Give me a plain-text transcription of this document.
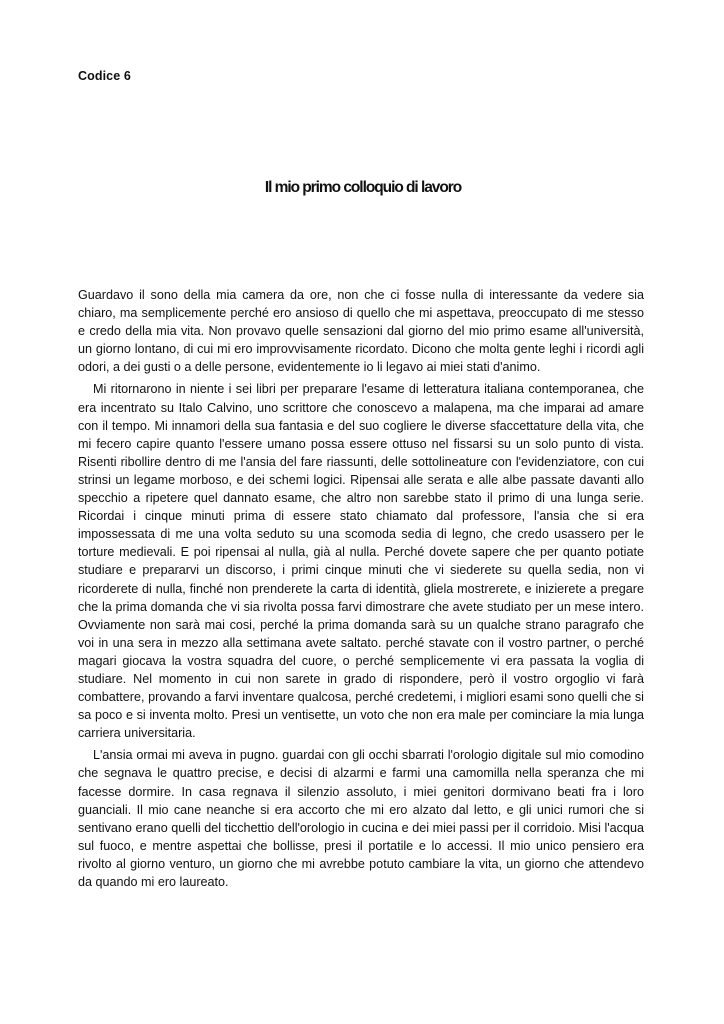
Codice 6
Il mio primo colloquio di lavoro

Guardavo il sono della mia camera da ore, non che ci fosse nulla di interessante da vedere sia chiaro, ma semplicemente perché ero ansioso di quello che mi aspettava, preoccupato di me stesso e credo della mia vita. Non provavo quelle sensazioni dal giorno del mio primo esame all'università, un giorno lontano, di cui mi ero improvvisamente ricordato. Dicono che molta gente leghi i ricordi agli odori, a dei gusti o a delle persone, evidentemente io li legavo ai miei stati d'animo.

Mi ritornarono in niente i sei libri per preparare l'esame di letteratura italiana contemporanea, che era incentrato su Italo Calvino, uno scrittore che conoscevo a malapena, ma che imparai ad amare con il tempo. Mi innamori della sua fantasia e del suo cogliere le diverse sfaccettature della vita, che mi fecero capire quanto l'essere umano possa essere ottuso nel fissarsi su un solo punto di vista. Risenti ribollire dentro di me l'ansia del fare riassunti, delle sottolineature con l'evidenziatore, con cui strinsi un legame morboso, e dei schemi logici. Ripensai alle serata e alle albe passate davanti allo specchio a ripetere quel dannato esame, che altro non sarebbe stato il primo di una lunga serie. Ricordai i cinque minuti prima di essere stato chiamato dal professore, l'ansia che si era impossessata di me una volta seduto su una scomoda sedia di legno, che credo usassero per le torture medievali. E poi ripensai al nulla, già al nulla. Perché dovete sapere che per quanto potiate studiare e prepararvi un discorso, i primi cinque minuti che vi siederete su quella sedia, non vi ricorderete di nulla, finché non prenderete la carta di identità, gliela mostrerete, e inizierete a pregare che la prima domanda che vi sia rivolta possa farvi dimostrare che avete studiato per un mese intero. Ovviamente non sarà mai cosi, perché la prima domanda sarà su un qualche strano paragrafo che voi in una sera in mezzo alla settimana avete saltato. perché stavate con il vostro partner, o perché magari giocava la vostra squadra del cuore, o perché semplicemente vi era passata la voglia di studiare. Nel momento in cui non sarete in grado di rispondere, però il vostro orgoglio vi farà combattere, provando a farvi inventare qualcosa, perché credetemi, i migliori esami sono quelli che si sa poco e si inventa molto. Presi un ventisette, un voto che non era male per cominciare la mia lunga carriera universitaria.

L'ansia ormai mi aveva in pugno. guardai con gli occhi sbarrati l'orologio digitale sul mio comodino che segnava le quattro precise, e decisi di alzarmi e farmi una camomilla nella speranza che mi facesse dormire. In casa regnava il silenzio assoluto, i miei genitori dormivano beati fra i loro guanciali. Il mio cane neanche si era accorto che mi ero alzato dal letto, e gli unici rumori che si sentivano erano quelli del ticchettio dell'orologio in cucina e dei miei passi per il corridoio. Misi l'acqua sul fuoco, e mentre aspettai che bollisse, presi il portatile e lo accessi. Il mio unico pensiero era rivolto al giorno venturo, un giorno che mi avrebbe potuto cambiare la vita, un giorno che attendevo da quando mi ero laureato.
